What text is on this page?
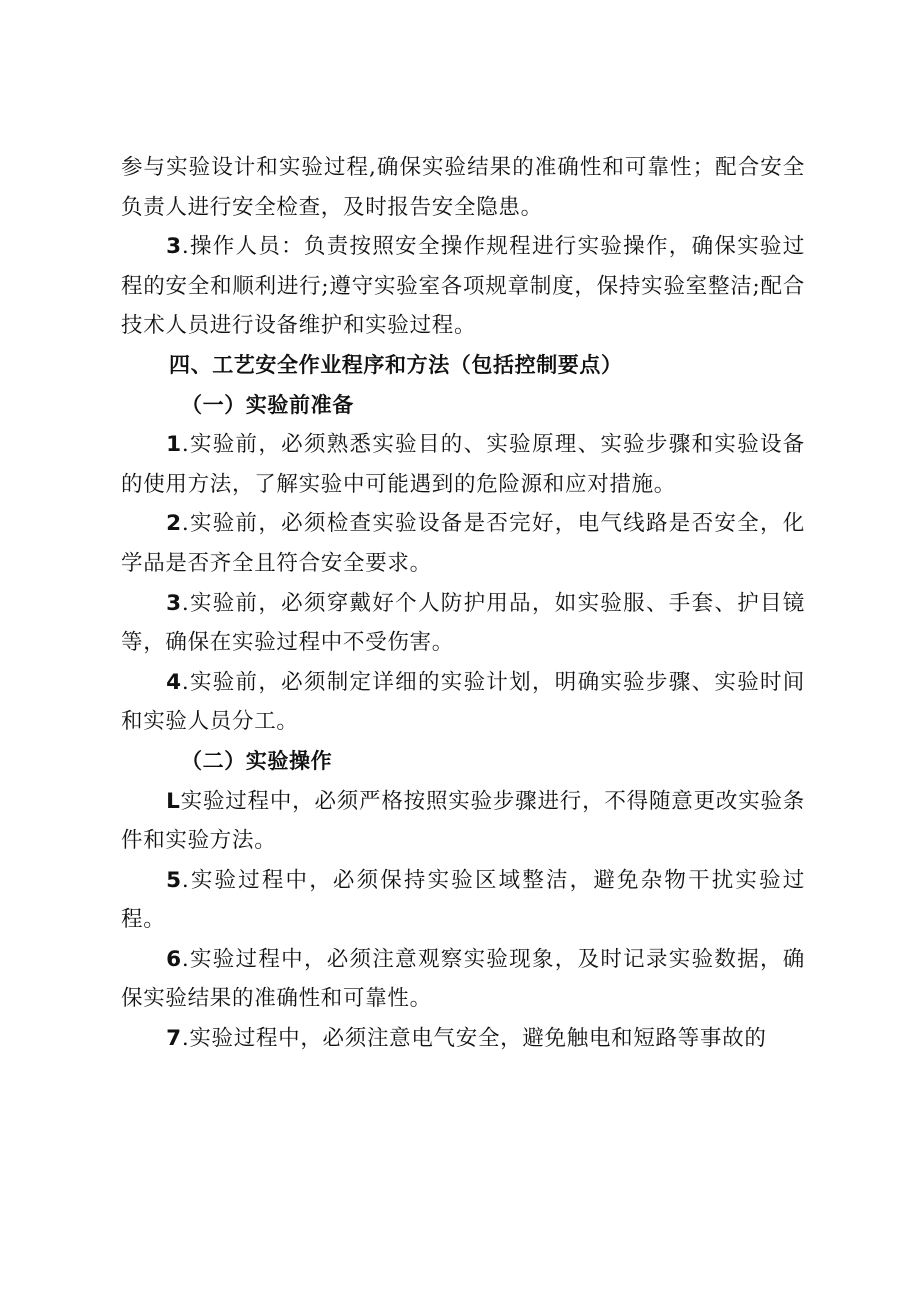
参与实验设计和实验过程,确保实验结果的准确性和可靠性；配合安全负责人进行安全检查，及时报告安全隐患。

3.操作人员：负责按照安全操作规程进行实验操作，确保实验过程的安全和顺利进行;遵守实验室各项规章制度，保持实验室整洁;配合技术人员进行设备维护和实验过程。

四、工艺安全作业程序和方法（包括控制要点）

（一）实验前准备

1.实验前，必须熟悉实验目的、实验原理、实验步骤和实验设备的使用方法，了解实验中可能遇到的危险源和应对措施。

2.实验前，必须检查实验设备是否完好，电气线路是否安全，化学品是否齐全且符合安全要求。

3.实验前，必须穿戴好个人防护用品，如实验服、手套、护目镜等，确保在实验过程中不受伤害。

4.实验前，必须制定详细的实验计划，明确实验步骤、实验时间和实验人员分工。

（二）实验操作

L实验过程中，必须严格按照实验步骤进行，不得随意更改实验条件和实验方法。

5.实验过程中，必须保持实验区域整洁，避免杂物干扰实验过程。

6.实验过程中，必须注意观察实验现象，及时记录实验数据，确保实验结果的准确性和可靠性。

7.实验过程中，必须注意电气安全，避免触电和短路等事故的
